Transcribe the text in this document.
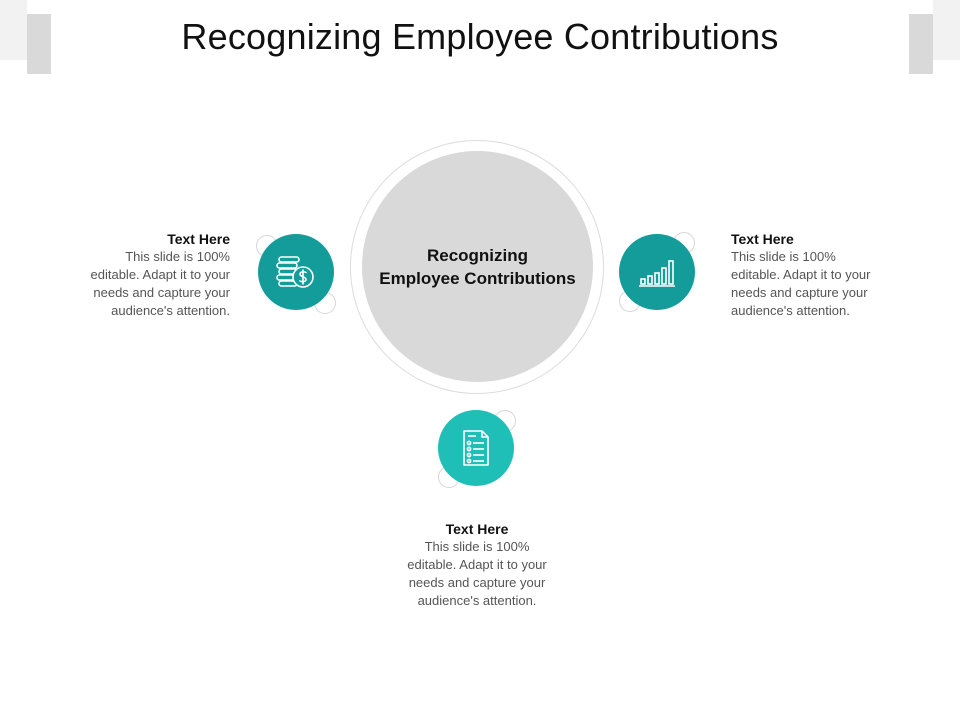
Recognizing Employee Contributions
Recognizing
Employee Contributions
Text Here
This slide is 100%
editable. Adapt it to your
needs and capture your
audience's attention.
Text Here
This slide is 100%
editable. Adapt it to your
needs and capture your
audience's attention.
Text Here
This slide is 100%
editable. Adapt it to your
needs and capture your
audience's attention.
